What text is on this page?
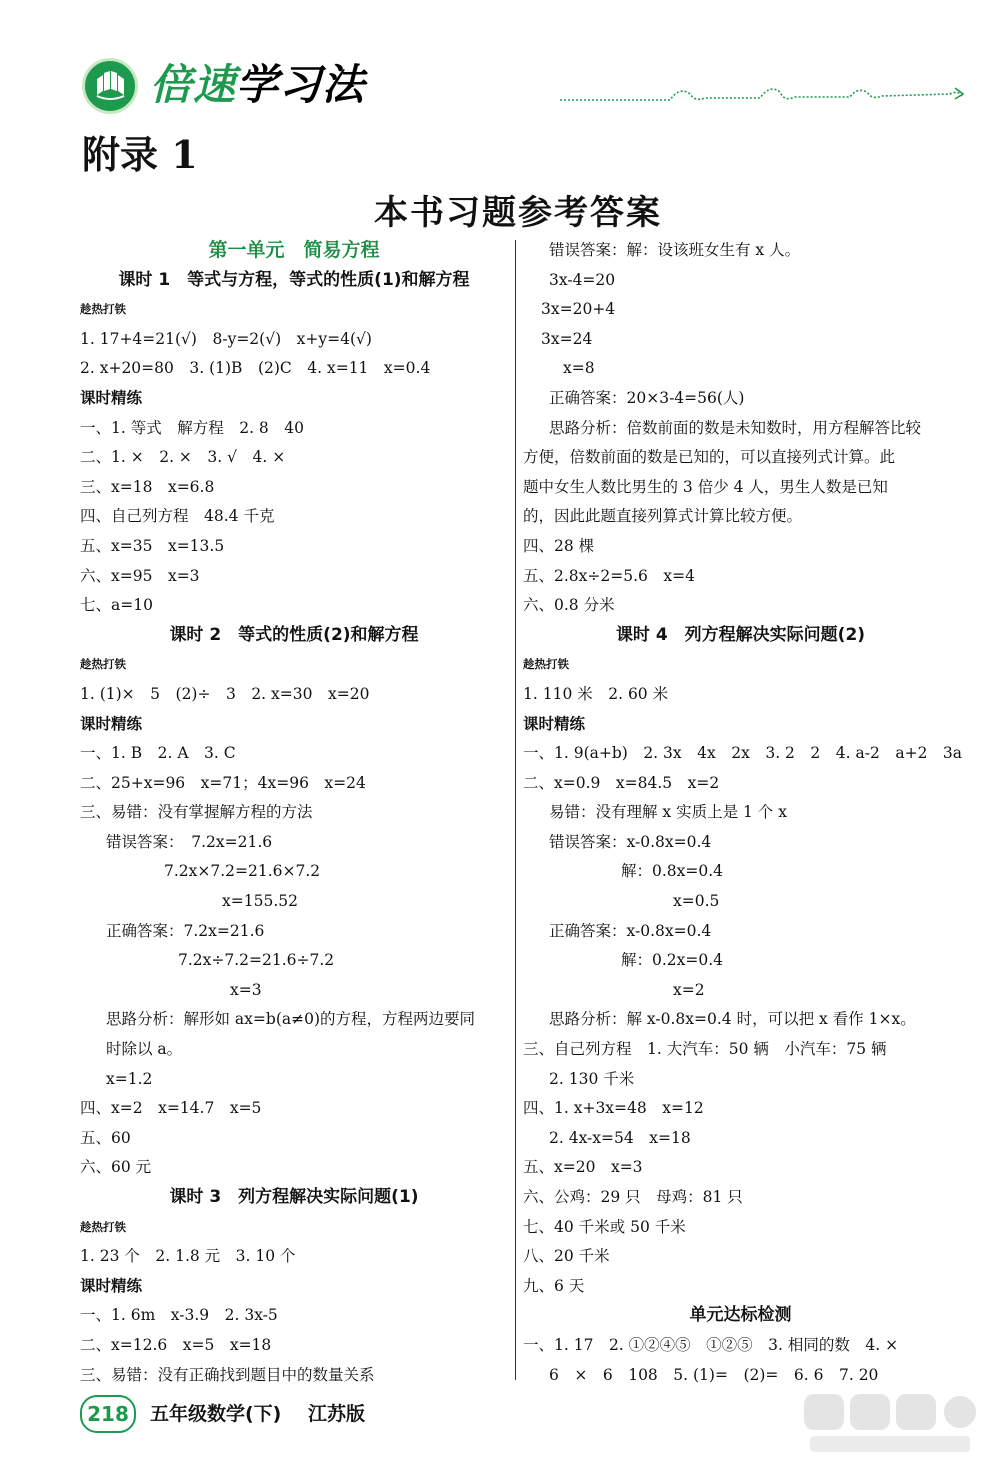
倍速学习法
附录 1
本书习题参考答案
第一单元　简易方程
课时 1　等式与方程，等式的性质(1)和解方程
趁热打铁
1. 17+4=21(√)　8-y=2(√)　x+y=4(√)
2. x+20=80　3. (1)B　(2)C　4. x=11　x=0.4
课时精练
一、1. 等式　解方程　2. 8　40
二、1. ×　2. ×　3. √　4. ×
三、x=18　x=6.8
四、自己列方程　48.4 千克
五、x=35　x=13.5
六、x=95　x=3
七、a=10
课时 2　等式的性质(2)和解方程
趁热打铁
1. (1)×　5　(2)÷　3　2. x=30　x=20
课时精练
一、1. B　2. A　3. C
二、25+x=96　x=71；4x=96　x=24
三、易错：没有掌握解方程的方法
错误答案：　7.2x=21.6
7.2x×7.2=21.6×7.2
x=155.52
正确答案：7.2x=21.6
7.2x÷7.2=21.6÷7.2
x=3
思路分析：解形如 ax=b(a≠0)的方程，方程两边要同
时除以 a。
x=1.2
四、x=2　x=14.7　x=5
五、60
六、60 元
课时 3　列方程解决实际问题(1)
趁热打铁
1. 23 个　2. 1.8 元　3. 10 个
课时精练
一、1. 6m　x-3.9　2. 3x-5
二、x=12.6　x=5　x=18
三、易错：没有正确找到题目中的数量关系
错误答案：解：设该班女生有 x 人。
3x-4=20
3x=20+4
3x=24
x=8
正确答案：20×3-4=56(人)
思路分析：倍数前面的数是未知数时，用方程解答比较
方便，倍数前面的数是已知的，可以直接列式计算。此
题中女生人数比男生的 3 倍少 4 人，男生人数是已知
的，因此此题直接列算式计算比较方便。
四、28 棵
五、2.8x÷2=5.6　x=4
六、0.8 分米
课时 4　列方程解决实际问题(2)
趁热打铁
1. 110 米　2. 60 米
课时精练
一、1. 9(a+b)　2. 3x　4x　2x　3. 2　2　4. a-2　a+2　3a
二、x=0.9　x=84.5　x=2
易错：没有理解 x 实质上是 1 个 x
错误答案：x-0.8x=0.4
解：0.8x=0.4
x=0.5
正确答案：x-0.8x=0.4
解：0.2x=0.4
x=2
思路分析：解 x-0.8x=0.4 时，可以把 x 看作 1×x。
三、自己列方程　1. 大汽车：50 辆　小汽车：75 辆
2. 130 千米
四、1. x+3x=48　x=12
2. 4x-x=54　x=18
五、x=20　x=3
六、公鸡：29 只　母鸡：81 只
七、40 千米或 50 千米
八、20 千米
九、6 天
单元达标检测
一、1. 17　2. ①②④⑤　①②⑤　3. 相同的数　4. ×
6　×　6　108　5. (1)=　(2)=　6. 6　7. 20
218	五年级数学(下) 江苏版
